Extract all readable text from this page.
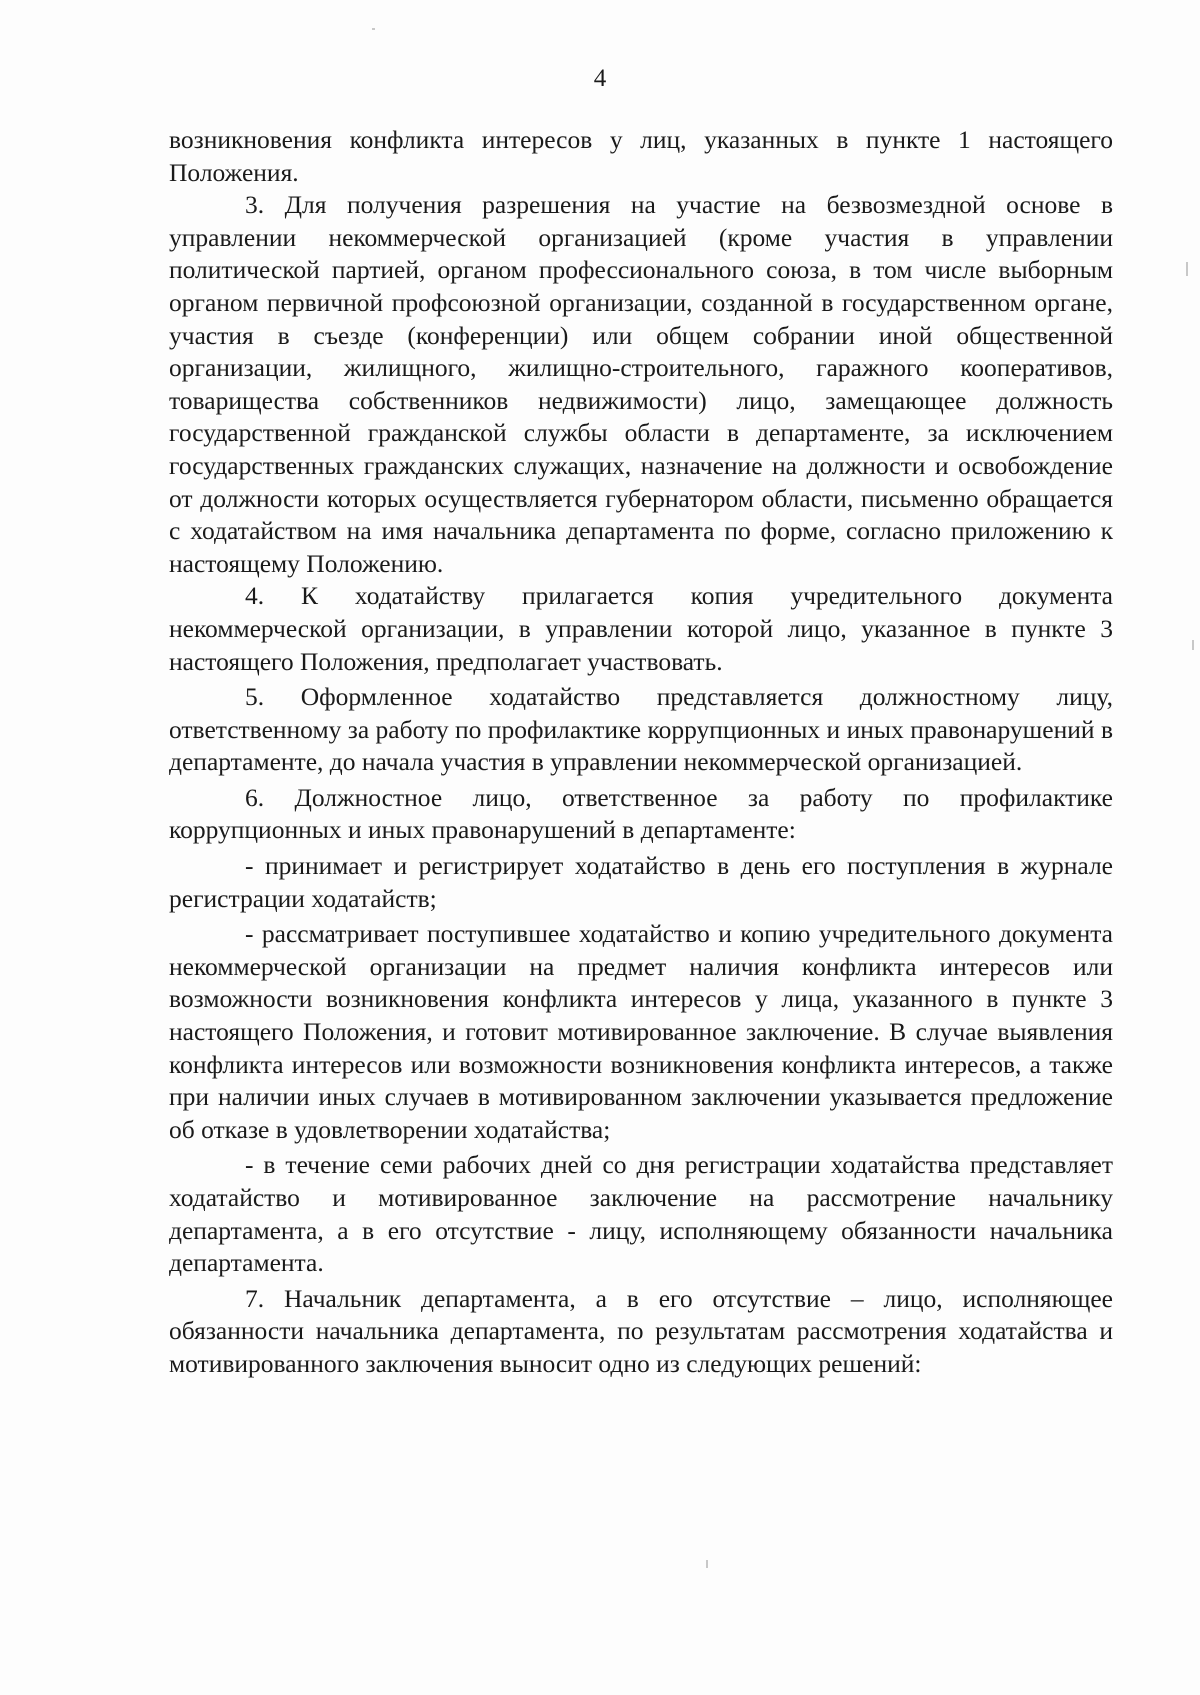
4

возникновения конфликта интересов у лиц, указанных в пункте 1 настоящего Положения.

3. Для получения разрешения на участие на безвозмездной основе в управлении некоммерческой организацией (кроме участия в управлении политической партией, органом профессионального союза, в том числе выборным органом первичной профсоюзной организации, созданной в государственном органе, участия в съезде (конференции) или общем собрании иной общественной организации, жилищного, жилищно-строительного, гаражного кооперативов, товарищества собственников недвижимости) лицо, замещающее должность государственной гражданской службы области в департаменте, за исключением государственных гражданских служащих, назначение на должности и освобождение от должности которых осуществляется губернатором области, письменно обращается с ходатайством на имя начальника департамента по форме, согласно приложению к настоящему Положению.

4. К ходатайству прилагается копия учредительного документа некоммерческой организации, в управлении которой лицо, указанное в пункте 3 настоящего Положения, предполагает участвовать.

5. Оформленное ходатайство представляется должностному лицу, ответственному за работу по профилактике коррупционных и иных правонарушений в департаменте, до начала участия в управлении некоммерческой организацией.

6. Должностное лицо, ответственное за работу по профилактике коррупционных и иных правонарушений в департаменте:

- принимает и регистрирует ходатайство в день его поступления в журнале регистрации ходатайств;

- рассматривает поступившее ходатайство и копию учредительного документа некоммерческой организации на предмет наличия конфликта интересов или возможности возникновения конфликта интересов у лица, указанного в пункте 3 настоящего Положения, и готовит мотивированное заключение. В случае выявления конфликта интересов или возможности возникновения конфликта интересов, а также при наличии иных случаев в мотивированном заключении указывается предложение об отказе в удовлетворении ходатайства;

- в течение семи рабочих дней со дня регистрации ходатайства представляет ходатайство и мотивированное заключение на рассмотрение начальнику департамента, а в его отсутствие - лицу, исполняющему обязанности начальника департамента.

7. Начальник департамента, а в его отсутствие – лицо, исполняющее обязанности начальника департамента, по результатам рассмотрения ходатайства и мотивированного заключения выносит одно из следующих решений:
